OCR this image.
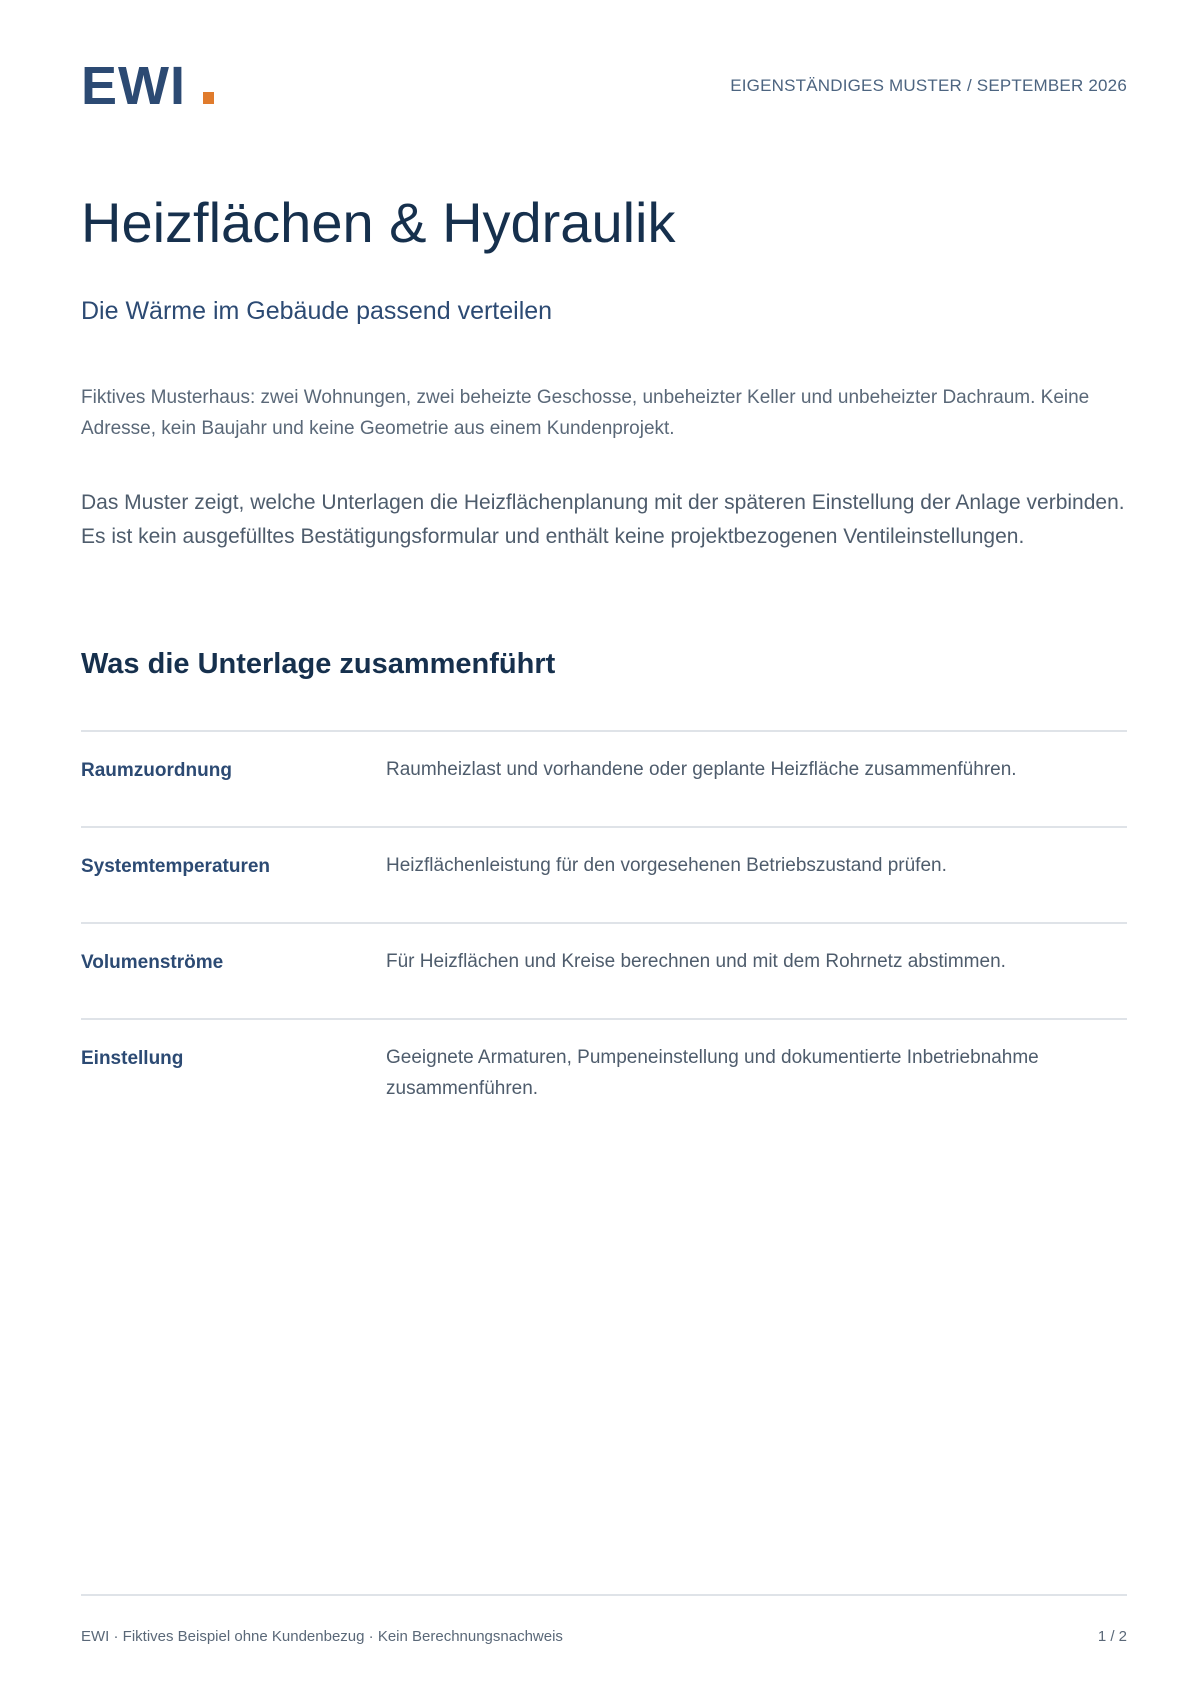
EWI	EIGENSTÄNDIGES MUSTER / SEPTEMBER 2026
Heizflächen & Hydraulik
Die Wärme im Gebäude passend verteilen

Fiktives Musterhaus: zwei Wohnungen, zwei beheizte Geschosse, unbeheizter Keller und unbeheizter Dachraum. Keine Adresse, kein Baujahr und keine Geometrie aus einem Kundenprojekt.

Das Muster zeigt, welche Unterlagen die Heizflächenplanung mit der späteren Einstellung der Anlage verbinden. Es ist kein ausgefülltes Bestätigungsformular und enthält keine projektbezogenen Ventileinstellungen.

Was die Unterlage zusammenführt
Raumzuordnung	Raumheizlast und vorhandene oder geplante Heizfläche zusammenführen.
Systemtemperaturen	Heizflächenleistung für den vorgesehenen Betriebszustand prüfen.
Volumenströme	Für Heizflächen und Kreise berechnen und mit dem Rohrnetz abstimmen.
Einstellung	Geeignete Armaturen, Pumpeneinstellung und dokumentierte Inbetriebnahme zusammenführen.
EWI · Fiktives Beispiel ohne Kundenbezug · Kein Berechnungsnachweis	1 / 2
